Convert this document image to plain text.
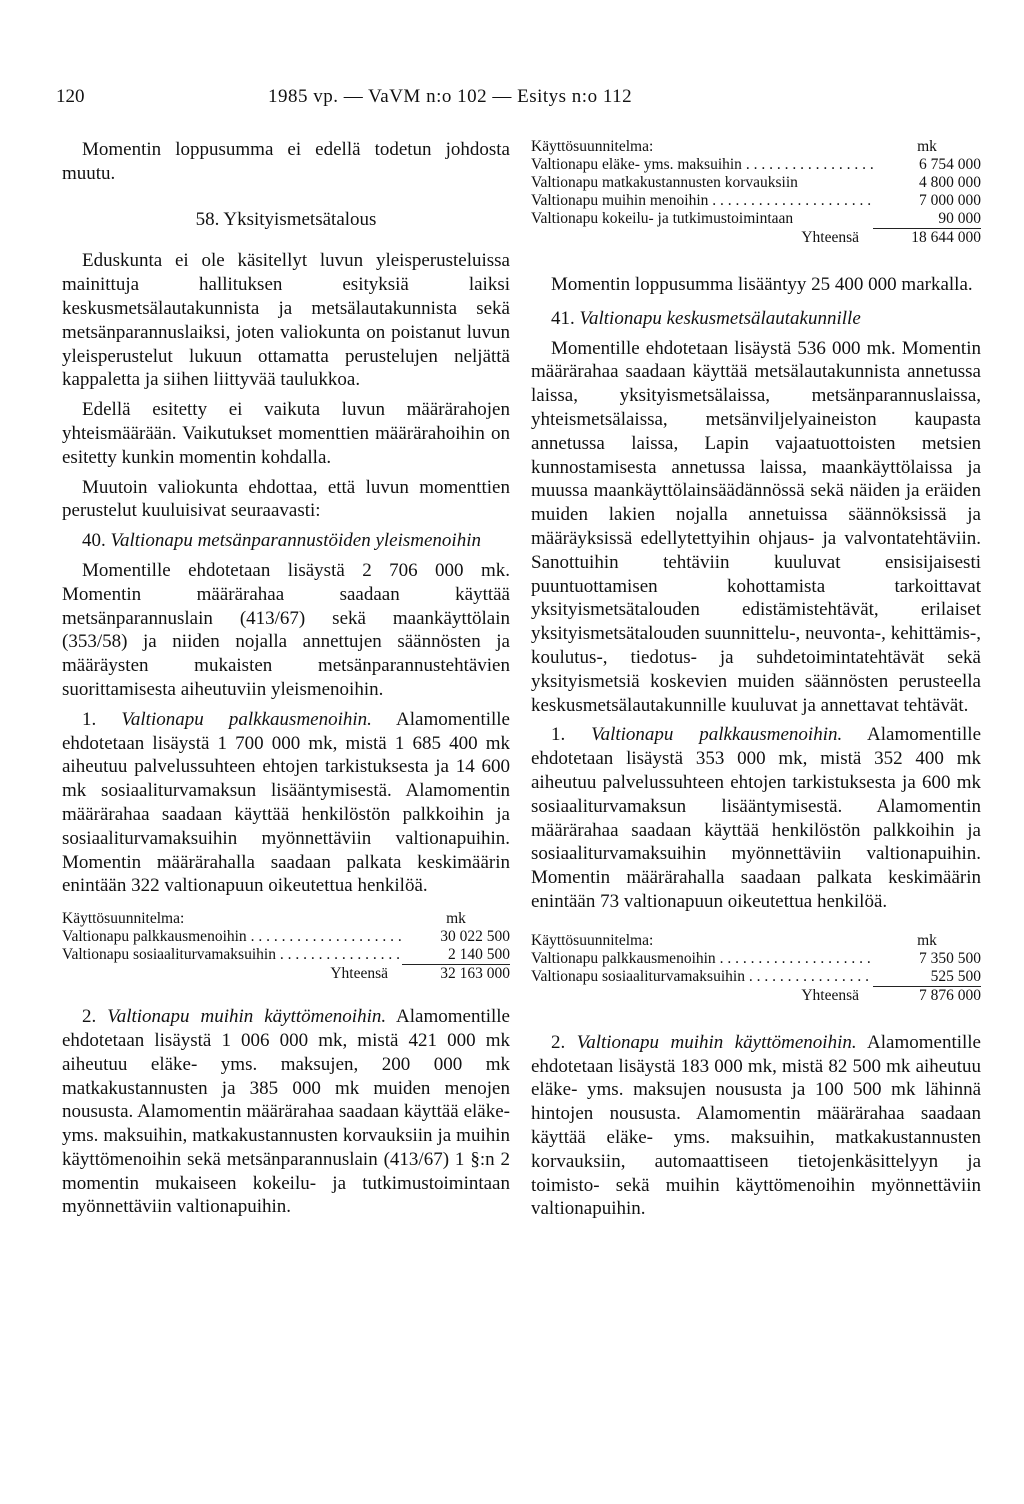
120	1985 vp. — VaVM n:o 102 — Esitys n:o 112

Momentin loppusumma ei edellä todetun johdosta muutu.

58. Yksityismetsätalous

Eduskunta ei ole käsitellyt luvun yleisperusteluissa mainittuja hallituksen esityksiä laiksi keskusmetsälautakunnista ja metsälautakunnista sekä metsänparannuslaiksi, joten valiokunta on poistanut luvun yleisperustelut lukuun ottamatta perustelujen neljättä kappaletta ja siihen liittyvää taulukkoa.

Edellä esitetty ei vaikuta luvun määrärahojen yhteismäärään. Vaikutukset momenttien määrärahoihin on esitetty kunkin momentin kohdalla.

Muutoin valiokunta ehdottaa, että luvun momenttien perustelut kuuluisivat seuraavasti:

40. Valtionapu metsänparannustöiden yleismenoihin

Momentille ehdotetaan lisäystä 2 706 000 mk. Momentin määrärahaa saadaan käyttää metsänparannuslain (413/67) sekä maankäyttölain (353/58) ja niiden nojalla annettujen säännösten ja määräysten mukaisten metsänparannustehtävien suorittamisesta aiheutuviin yleismenoihin.

1. Valtionapu palkkausmenoihin. Alamomentille ehdotetaan lisäystä 1 700 000 mk, mistä 1 685 400 mk aiheutuu palvelussuhteen ehtojen tarkistuksesta ja 14 600 mk sosiaaliturvamaksun lisääntymisestä. Alamomentin määrärahaa saadaan käyttää henkilöstön palkkoihin ja sosiaaliturvamaksuihin myönnettäviin valtionapuihin. Momentin määrärahalla saadaan palkata keskimäärin enintään 322 valtionapuun oikeutettua henkilöä.

Käyttösuunnitelma:	mk
Valtionapu palkkausmenoihin . . .	30 022 500
Valtionapu sosiaaliturvamaksuihin . . .	2 140 500
Yhteensä	32 163 000

2. Valtionapu muihin käyttömenoihin. Alamomentille ehdotetaan lisäystä 1 006 000 mk, mistä 421 000 mk aiheutuu eläke- yms. maksujen, 200 000 mk matkakustannusten ja 385 000 mk muiden menojen noususta. Alamomentin määrärahaa saadaan käyttää eläke- yms. maksuihin, matkakustannusten korvauksiin ja muihin käyttömenoihin sekä metsänparannuslain (413/67) 1 §:n 2 momentin mukaiseen kokeilu- ja tutkimustoimintaan myönnettäviin valtionapuihin.

Käyttösuunnitelma:	mk
Valtionapu eläke- yms. maksuihin . . .	6 754 000
Valtionapu matkakustannusten korvauksiin	4 800 000
Valtionapu muihin menoihin . . .	7 000 000
Valtionapu kokeilu- ja tutkimustoimintaan	90 000
Yhteensä	18 644 000

Momentin loppusumma lisääntyy 25 400 000 markalla.

41. Valtionapu keskusmetsälautakunnille

Momentille ehdotetaan lisäystä 536 000 mk. Momentin määrärahaa saadaan käyttää metsälautakunnista annetussa laissa, yksityismetsälaissa, metsänparannuslaissa, yhteismetsälaissa, metsänviljelyaineiston kaupasta annetussa laissa, Lapin vajaatuottoisten metsien kunnostamisesta annetussa laissa, maankäyttölaissa ja muussa maankäyttölainsäädännössä sekä näiden ja eräiden muiden lakien nojalla annetuissa säännöksissä ja määräyksissä edellytettyihin ohjaus- ja valvontatehtäviin. Sanottuihin tehtäviin kuuluvat ensisijaisesti puuntuottamisen kohottamista tarkoittavat yksityismetsätalouden edistämistehtävät, erilaiset yksityismetsätalouden suunnittelu-, neuvonta-, kehittämis-, koulutus-, tiedotus- ja suhdetoimintatehtävät sekä yksityismetsiä koskevien muiden säännösten perusteella keskusmetsälautakunnille kuuluvat ja annettavat tehtävät.

1. Valtionapu palkkausmenoihin. Alamomentille ehdotetaan lisäystä 353 000 mk, mistä 352 400 mk aiheutuu palvelussuhteen ehtojen tarkistuksesta ja 600 mk sosiaaliturvamaksun lisääntymisestä. Alamomentin määrärahaa saadaan käyttää henkilöstön palkkoihin ja sosiaaliturvamaksuihin myönnettäviin valtionapuihin. Momentin määrärahalla saadaan palkata keskimäärin enintään 73 valtionapuun oikeutettua henkilöä.

Käyttösuunnitelma:	mk
Valtionapu palkkausmenoihin . . .	7 350 500
Valtionapu sosiaaliturvamaksuihin . . .	525 500
Yhteensä	7 876 000

2. Valtionapu muihin käyttömenoihin. Alamomentille ehdotetaan lisäystä 183 000 mk, mistä 82 500 mk aiheutuu eläke- yms. maksujen noususta ja 100 500 mk lähinnä hintojen noususta. Alamomentin määrärahaa saadaan käyttää eläke- yms. maksuihin, matkakustannusten korvauksiin, automaattiseen tietojenkäsittelyyn ja toimisto- sekä muihin käyttömenoihin myönnettäviin valtionapuihin.
